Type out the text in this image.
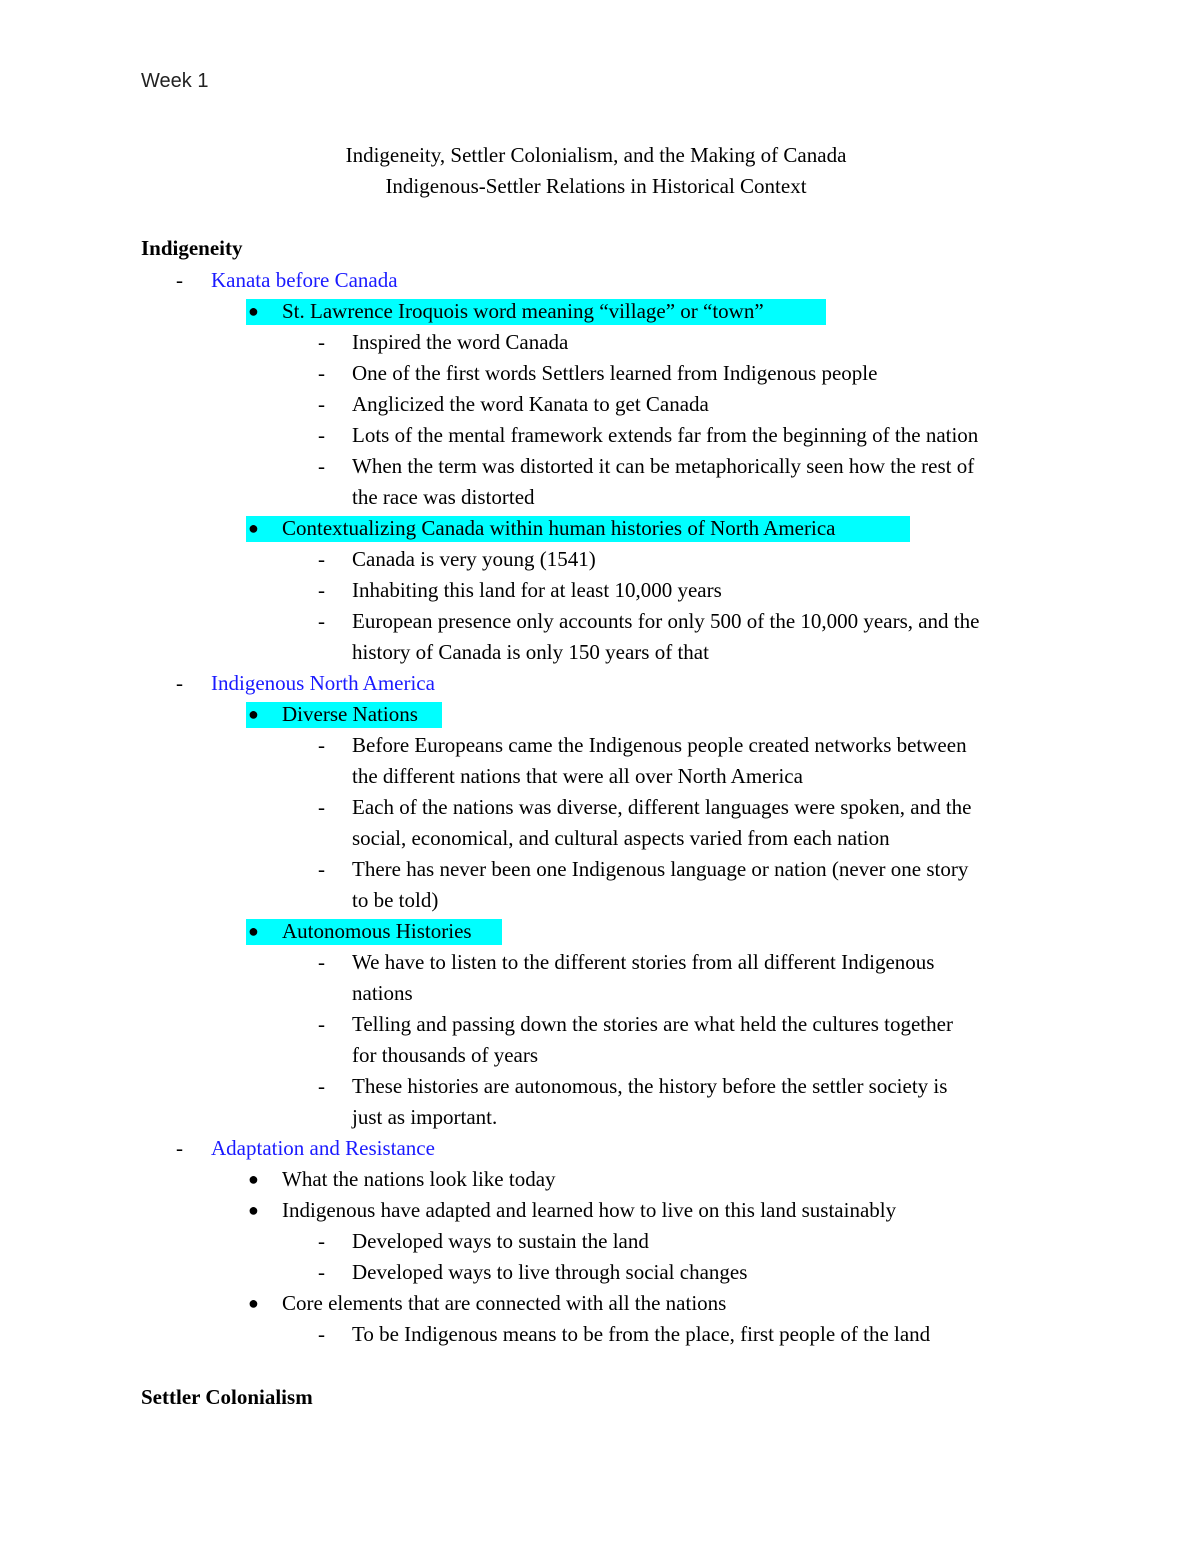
Week 1
Indigeneity, Settler Colonialism, and the Making of Canada
Indigenous-Settler Relations in Historical Context
Indigeneity
- Kanata before Canada
● St. Lawrence Iroquois word meaning “village” or “town”
- Inspired the word Canada
- One of the first words Settlers learned from Indigenous people
- Anglicized the word Kanata to get Canada
- Lots of the mental framework extends far from the beginning of the nation
- When the term was distorted it can be metaphorically seen how the rest of
the race was distorted
● Contextualizing Canada within human histories of North America
- Canada is very young (1541)
- Inhabiting this land for at least 10,000 years
- European presence only accounts for only 500 of the 10,000 years, and the
history of Canada is only 150 years of that
- Indigenous North America
● Diverse Nations
- Before Europeans came the Indigenous people created networks between
the different nations that were all over North America
- Each of the nations was diverse, different languages were spoken, and the
social, economical, and cultural aspects varied from each nation
- There has never been one Indigenous language or nation (never one story
to be told)
● Autonomous Histories
- We have to listen to the different stories from all different Indigenous
nations
- Telling and passing down the stories are what held the cultures together
for thousands of years
- These histories are autonomous, the history before the settler society is
just as important.
- Adaptation and Resistance
● What the nations look like today
● Indigenous have adapted and learned how to live on this land sustainably
- Developed ways to sustain the land
- Developed ways to live through social changes
● Core elements that are connected with all the nations
- To be Indigenous means to be from the place, first people of the land
Settler Colonialism
